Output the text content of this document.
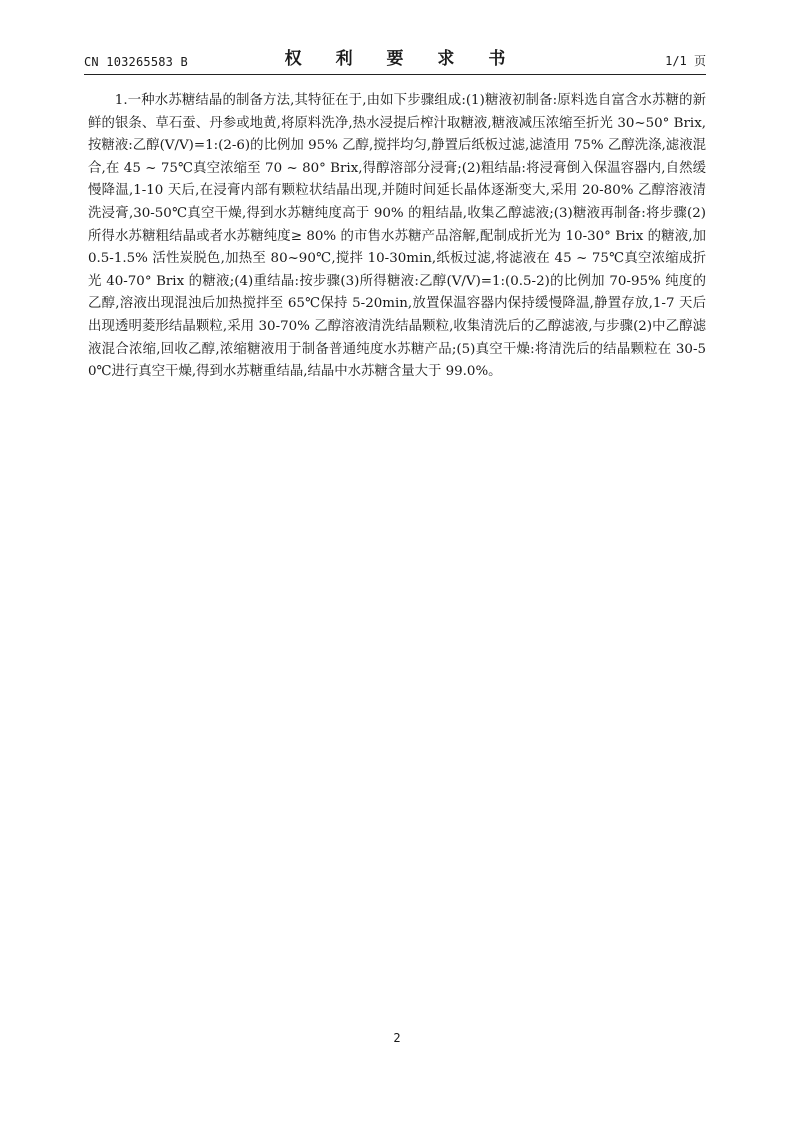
CN 103265583 B	权 利 要 求 书	1/1 页

1.一种水苏糖结晶的制备方法,其特征在于,由如下步骤组成:(1)糖液初制备:原料选自富含水苏糖的新鲜的银条、草石蚕、丹参或地黄,将原料洗净,热水浸提后榨汁取糖液,糖液减压浓缩至折光 30~50° Brix,按糖液:乙醇(V/V)=1:(2-6)的比例加 95% 乙醇,搅拌均匀,静置后纸板过滤,滤渣用 75% 乙醇洗涤,滤液混合,在 45 ~ 75℃真空浓缩至 70 ~ 80° Brix,得醇溶部分浸膏;(2)粗结晶:将浸膏倒入保温容器内,自然缓慢降温,1-10 天后,在浸膏内部有颗粒状结晶出现,并随时间延长晶体逐渐变大,采用 20-80% 乙醇溶液清洗浸膏,30-50℃真空干燥,得到水苏糖纯度高于 90% 的粗结晶,收集乙醇滤液;(3)糖液再制备:将步骤(2)所得水苏糖粗结晶或者水苏糖纯度≥ 80% 的市售水苏糖产品溶解,配制成折光为 10-30° Brix 的糖液,加 0.5-1.5% 活性炭脱色,加热至 80~90℃,搅拌 10-30min,纸板过滤,将滤液在 45 ~ 75℃真空浓缩成折光 40-70° Brix 的糖液;(4)重结晶:按步骤(3)所得糖液:乙醇(V/V)=1:(0.5-2)的比例加 70-95% 纯度的乙醇,溶液出现混浊后加热搅拌至 65℃保持 5-20min,放置保温容器内保持缓慢降温,静置存放,1-7 天后出现透明菱形结晶颗粒,采用 30-70% 乙醇溶液清洗结晶颗粒,收集清洗后的乙醇滤液,与步骤(2)中乙醇滤液混合浓缩,回收乙醇,浓缩糖液用于制备普通纯度水苏糖产品;(5)真空干燥:将清洗后的结晶颗粒在 30-50℃进行真空干燥,得到水苏糖重结晶,结晶中水苏糖含量大于 99.0%。

2
